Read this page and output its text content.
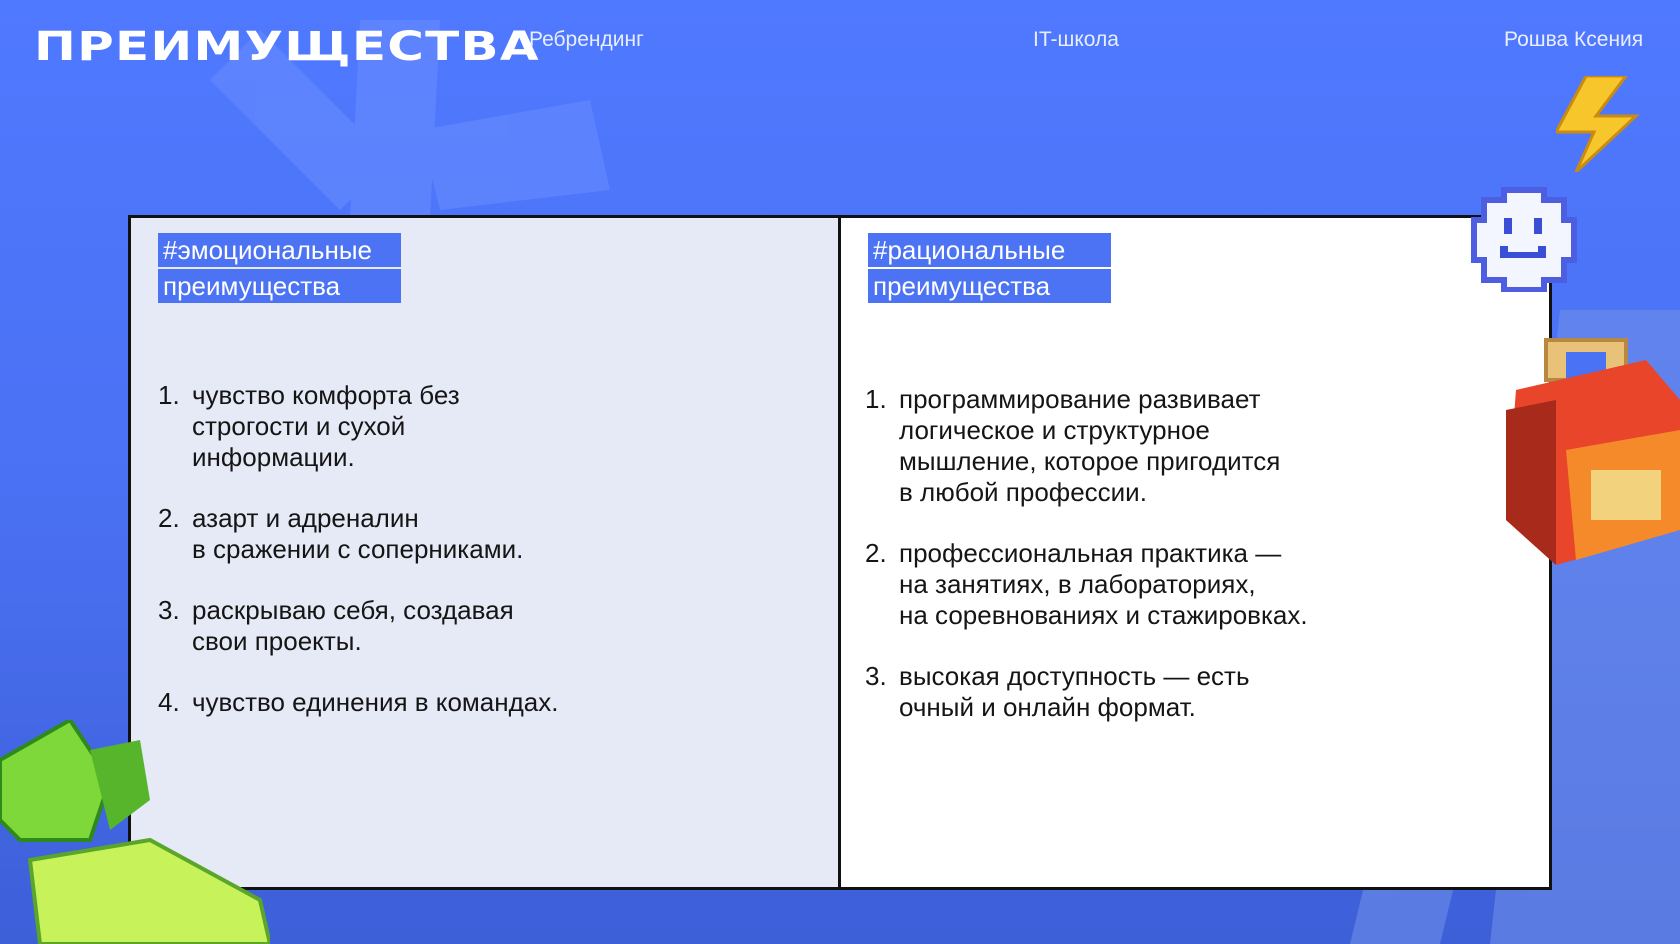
ПРЕИМУЩЕСТВА
Ребрендинг	IT-школа	Рошва Ксения
#эмоциональные
преимущества
1. чувство комфорта без
строгости и сухой
информации.
2. азарт и адреналин
в сражении с соперниками.
3. раскрываю себя, создавая
свои проекты.
4. чувство единения в командах.
#рациональные
преимущества
1. программирование развивает
логическое и структурное
мышление, которое пригодится
в любой профессии.
2. профессиональная практика —
на занятиях, в лабораториях,
на соревнованиях и стажировках.
3. высокая доступность — есть
очный и онлайн формат.
